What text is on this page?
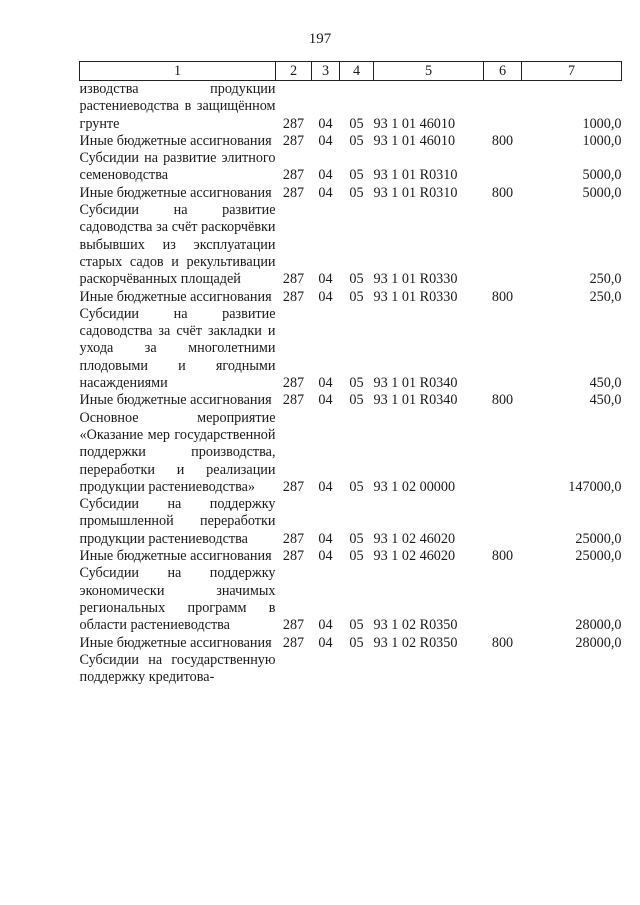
197
1	2	3	4	5	6	7
изводства продукции растениеводства в защищённом грунте	287	04	05	93 1 01 46010		1000,0
Иные бюджетные ассигнования	287	04	05	93 1 01 46010	800	1000,0
Субсидии на развитие элитного семеноводства	287	04	05	93 1 01 R0310		5000,0
Иные бюджетные ассигнования	287	04	05	93 1 01 R0310	800	5000,0
Субсидии на развитие садоводства за счёт раскорчёвки выбывших из эксплуатации старых садов и рекультивации раскорчёванных площадей	287	04	05	93 1 01 R0330		250,0
Иные бюджетные ассигнования	287	04	05	93 1 01 R0330	800	250,0
Субсидии на развитие садоводства за счёт закладки и ухода за многолетними плодовыми и ягодными насаждениями	287	04	05	93 1 01 R0340		450,0
Иные бюджетные ассигнования	287	04	05	93 1 01 R0340	800	450,0
Основное мероприятие «Оказание мер государственной поддержки производства, переработки и реализации продукции растениеводства»	287	04	05	93 1 02 00000		147000,0
Субсидии на поддержку промышленной переработки продукции растениеводства	287	04	05	93 1 02 46020		25000,0
Иные бюджетные ассигнования	287	04	05	93 1 02 46020	800	25000,0
Субсидии на поддержку экономически значимых региональных программ в области растениеводства	287	04	05	93 1 02 R0350		28000,0
Иные бюджетные ассигнования	287	04	05	93 1 02 R0350	800	28000,0
Субсидии на государственную поддержку кредитова-						
